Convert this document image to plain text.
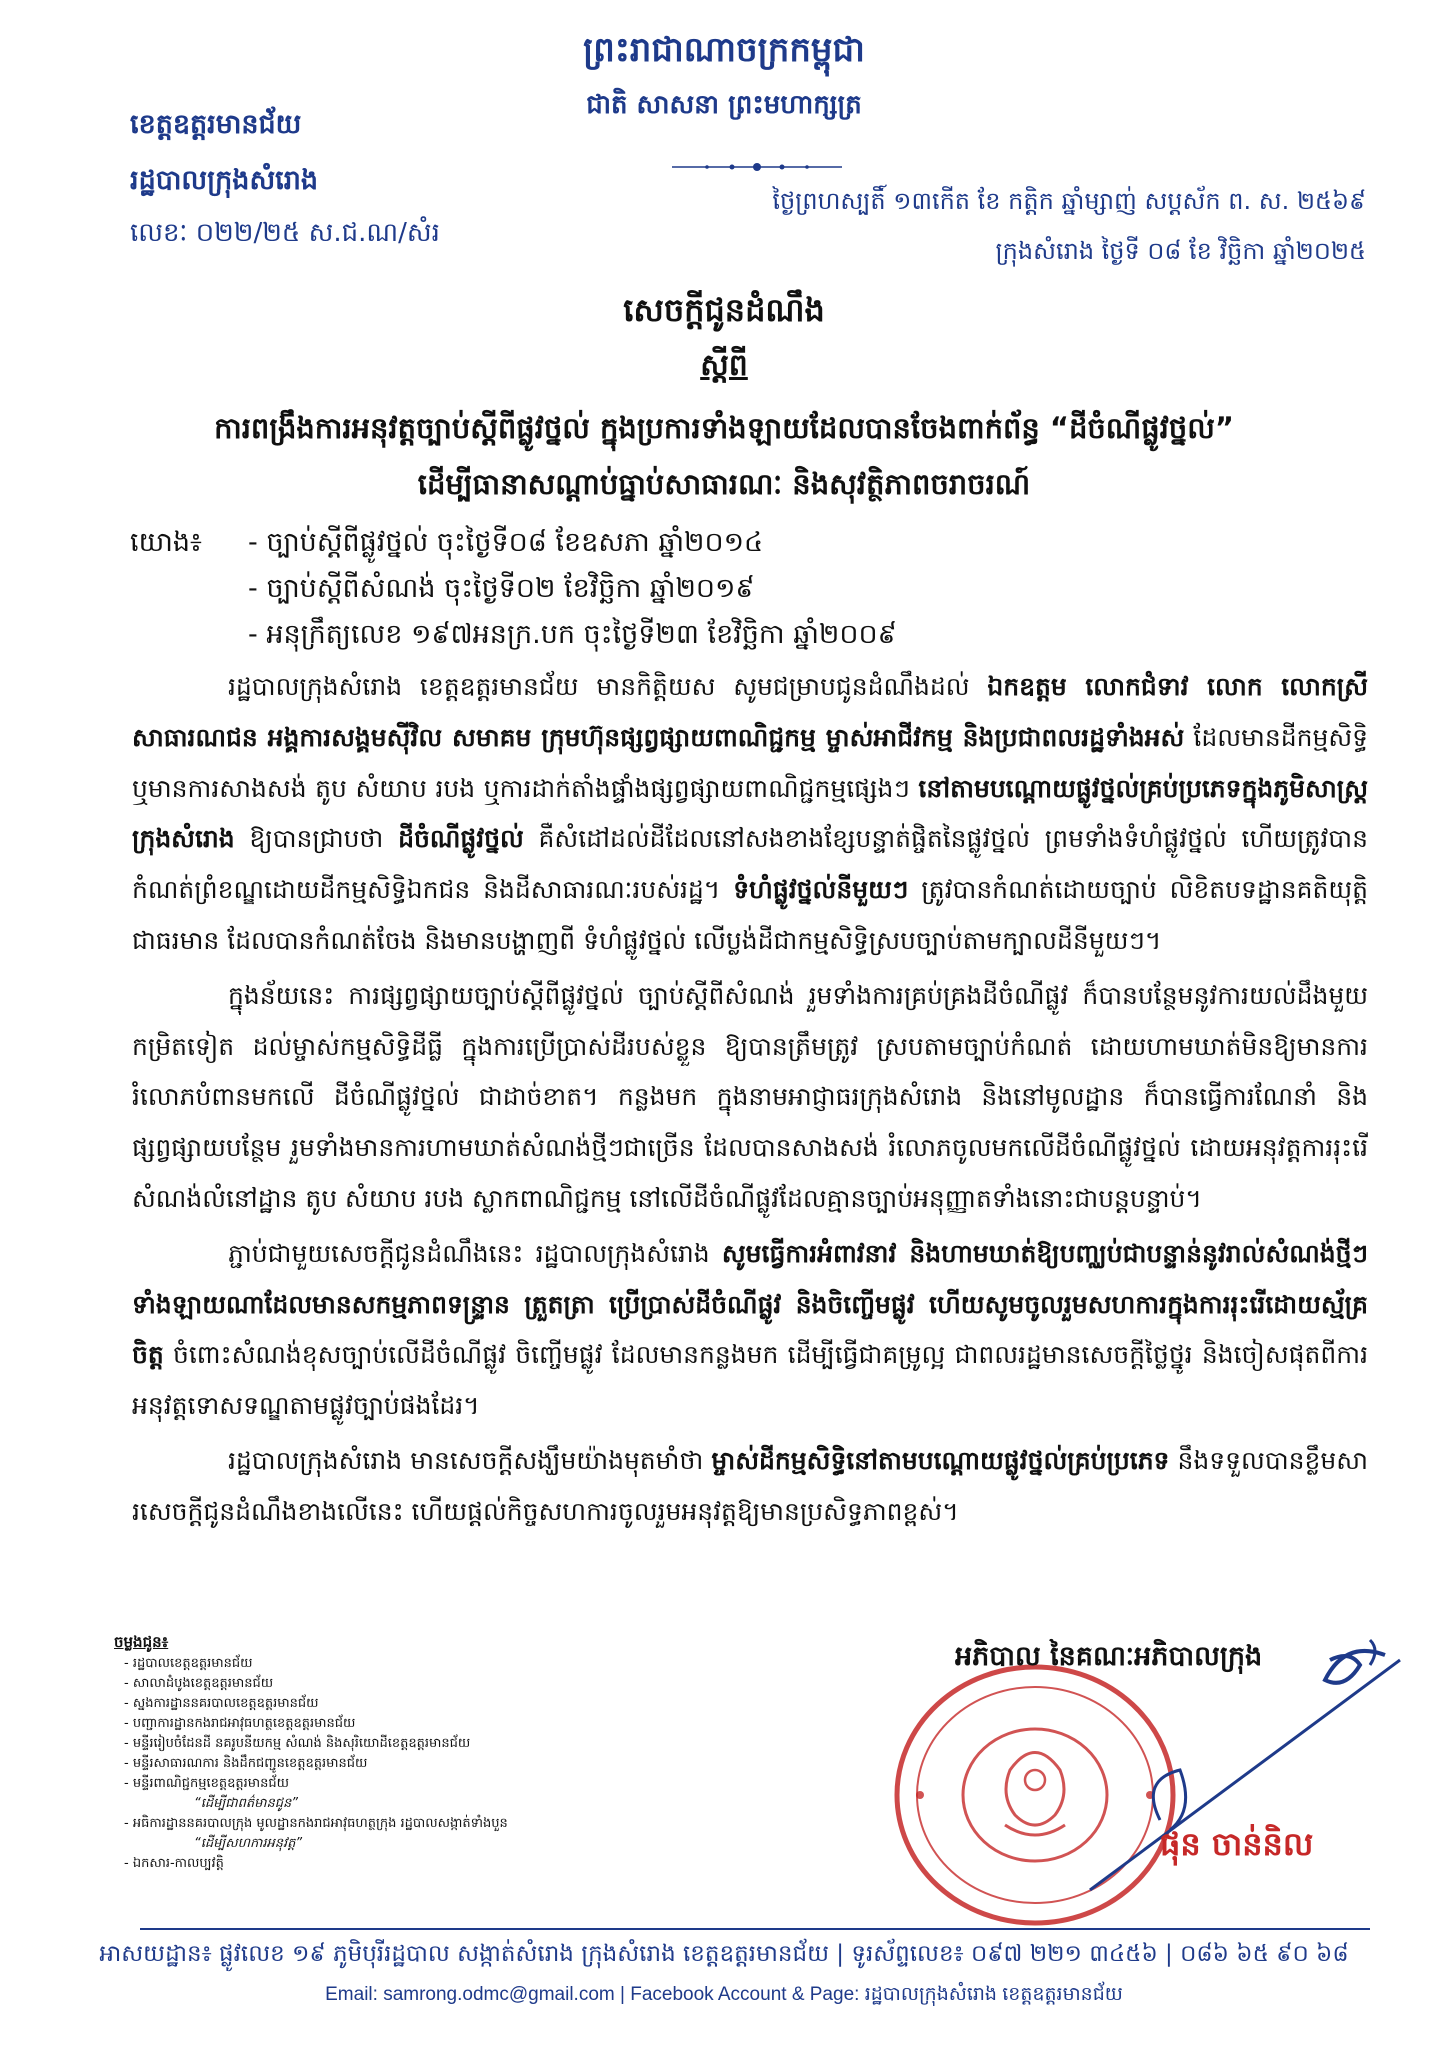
ព្រះរាជាណាចក្រកម្ពុជា
ជាតិ សាសនា ព្រះមហាក្សត្រ
ខេត្តឧត្តរមានជ័យ
រដ្ឋបាលក្រុងសំរោង
លេខៈ ០២២/២៥ ស.ជ.ណ/សំរ
ថ្ងៃព្រហស្បតិ៍ ១៣កើត ខែ កត្តិក ឆ្នាំម្សាញ់ សប្តស័ក ព. ស. ២៥៦៩
ក្រុងសំរោង ថ្ងៃទី ០៨ ខែ វិច្ឆិកា ឆ្នាំ២០២៥
សេចក្តីជូនដំណឹង
ស្តីពី
ការពង្រឹងការអនុវត្តច្បាប់ស្តីពីផ្លូវថ្នល់ ក្នុងប្រការទាំងឡាយដែលបានចែងពាក់ព័ន្ធ “ដីចំណីផ្លូវថ្នល់”
ដើម្បីធានាសណ្តាប់ធ្នាប់សាធារណៈ និងសុវត្ថិភាពចរាចរណ៍
យោង៖ - ច្បាប់ស្តីពីផ្លូវថ្នល់ ចុះថ្ងៃទី០៨ ខែឧសភា ឆ្នាំ២០១៤
- ច្បាប់ស្តីពីសំណង់ ចុះថ្ងៃទី០២ ខែវិច្ឆិកា ឆ្នាំ២០១៩
- អនុក្រឹត្យលេខ ១៩៧អនក្រ.បក ចុះថ្ងៃទី២៣ ខែវិច្ឆិកា ឆ្នាំ២០០៩

រដ្ឋបាលក្រុងសំរោង ខេត្តឧត្តរមានជ័យ មានកិត្តិយស សូមជម្រាបជូនដំណឹងដល់ ឯកឧត្តម លោកជំទាវ លោក លោកស្រី សាធារណជន អង្គការសង្គមស៊ីវិល សមាគម ក្រុមហ៊ុនផ្សព្វផ្សាយពាណិជ្ជកម្ម ម្ចាស់អាជីវកម្ម និងប្រជាពលរដ្ឋទាំងអស់ ដែលមានដីកម្មសិទ្ធិ ឬមានការសាងសង់ តូប សំយាប របង ឬការដាក់តាំងផ្ទាំងផ្សព្វផ្សាយពាណិជ្ជកម្មផ្សេងៗ នៅតាមបណ្តោយផ្លូវថ្នល់គ្រប់ប្រភេទក្នុងភូមិសាស្ត្រក្រុងសំរោង ឱ្យបានជ្រាបថា ដីចំណីផ្លូវថ្នល់ គឺសំដៅដល់ដីដែលនៅសងខាងខ្សែបន្ទាត់ផ្ចិតនៃផ្លូវថ្នល់ ព្រមទាំងទំហំផ្លូវថ្នល់ ហើយត្រូវបានកំណត់ព្រំខណ្ឌដោយដីកម្មសិទ្ធិឯកជន និងដីសាធារណៈរបស់រដ្ឋ។ ទំហំផ្លូវថ្នល់នីមួយៗ ត្រូវបានកំណត់ដោយច្បាប់ លិខិតបទដ្ឋានគតិយុត្តិជាធរមាន ដែលបានកំណត់ចែង និងមានបង្ហាញពី ទំហំផ្លូវថ្នល់ លើប្លង់ដីជាកម្មសិទ្ធិស្របច្បាប់តាមក្បាលដីនីមួយៗ។

ក្នុងន័យនេះ ការផ្សព្វផ្សាយច្បាប់ស្តីពីផ្លូវថ្នល់ ច្បាប់ស្តីពីសំណង់ រួមទាំងការគ្រប់គ្រងដីចំណីផ្លូវ ក៏បានបន្ថែមនូវការយល់ដឹងមួយកម្រិតទៀត ដល់ម្ចាស់កម្មសិទ្ធិដីធ្លី ក្នុងការប្រើប្រាស់ដីរបស់ខ្លួន ឱ្យបានត្រឹមត្រូវ ស្របតាមច្បាប់កំណត់ ដោយហាមឃាត់មិនឱ្យមានការរំលោភបំពានមកលើ ដីចំណីផ្លូវថ្នល់ ជាដាច់ខាត។ កន្លងមក ក្នុងនាមអាជ្ញាធរក្រុងសំរោង និងនៅមូលដ្ឋាន ក៏បានធ្វើការណែនាំ និងផ្សព្វផ្សាយបន្ថែម រួមទាំងមានការហាមឃាត់សំណង់ថ្មីៗជាច្រើន ដែលបានសាងសង់ រំលោភចូលមកលើដីចំណីផ្លូវថ្នល់ ដោយអនុវត្តការរុះរើ សំណង់លំនៅដ្ឋាន តូប សំយាប របង ស្លាកពាណិជ្ជកម្ម នៅលើដីចំណីផ្លូវដែលគ្មានច្បាប់អនុញ្ញាតទាំងនោះជាបន្តបន្ទាប់។

ភ្ជាប់ជាមួយសេចក្តីជូនដំណឹងនេះ រដ្ឋបាលក្រុងសំរោង សូមធ្វើការអំពាវនាវ និងហាមឃាត់ឱ្យបញ្ឈប់ជាបន្ទាន់នូវរាល់សំណង់ថ្មីៗទាំងឡាយណាដែលមានសកម្មភាពទន្ទ្រាន ត្រួតត្រា ប្រើប្រាស់ដីចំណីផ្លូវ និងចិញ្ចើមផ្លូវ ហើយសូមចូលរួមសហការក្នុងការរុះរើដោយស្ម័គ្រចិត្ត ចំពោះសំណង់ខុសច្បាប់លើដីចំណីផ្លូវ ចិញ្ចើមផ្លូវ ដែលមានកន្លងមក ដើម្បីធ្វើជាគម្រូល្អ ជាពលរដ្ឋមានសេចក្តីថ្លៃថ្នូរ និងចៀសផុតពីការអនុវត្តទោសទណ្ឌតាមផ្លូវច្បាប់ផងដែរ។

រដ្ឋបាលក្រុងសំរោង មានសេចក្តីសង្ឃឹមយ៉ាងមុតមាំថា ម្ចាស់ដីកម្មសិទ្ធិនៅតាមបណ្តោយផ្លូវថ្នល់គ្រប់ប្រភេទ នឹងទទួលបានខ្លឹមសារសេចក្តីជូនដំណឹងខាងលើនេះ ហើយផ្តល់កិច្ចសហការចូលរួមអនុវត្តឱ្យមានប្រសិទ្ធភាពខ្ពស់។

ចម្លងជូន៖
- រដ្ឋបាលខេត្តឧត្តរមានជ័យ
- សាលាដំបូងខេត្តឧត្តរមានជ័យ
- ស្នងការដ្ឋាននគរបាលខេត្តឧត្តរមានជ័យ
- បញ្ជាការដ្ឋានកងរាជអាវុធហត្ថខេត្តឧត្តរមានជ័យ
- មន្ទីររៀបចំដែនដី នគរូបនីយកម្ម សំណង់ និងសុរិយោដីខេត្តឧត្តរមានជ័យ
- មន្ទីរសាធារណការ និងដឹកជញ្ជូនខេត្តឧត្តរមានជ័យ
- មន្ទីរពាណិជ្ជកម្មខេត្តឧត្តរមានជ័យ
“ដើម្បីជាពត៌មានជូន”
- អធិការដ្ឋាននគរបាលក្រុង មូលដ្ឋានកងរាជអាវុធហត្ថក្រុង រដ្ឋបាលសង្កាត់ទាំងបួន
“ដើម្បីសហការអនុវត្ត”
- ឯកសារ-កាលប្បវត្តិ
អភិបាល នៃគណៈអភិបាលក្រុង
ផុន ចាន់និល
អាសយដ្ឋាន៖ ផ្លូវលេខ ១៩ ភូមិបុរីរដ្ឋបាល សង្កាត់សំរោង ក្រុងសំរោង ខេត្តឧត្តរមានជ័យ | ទូរស័ព្ទលេខ៖ ០៩៧ ២២១ ៣៤៥៦ | ០៨៦ ៦៥ ៩០ ៦៨
Email: samrong.odmc@gmail.com | Facebook Account & Page: រដ្ឋបាលក្រុងសំរោង ខេត្តឧត្តរមានជ័យ
